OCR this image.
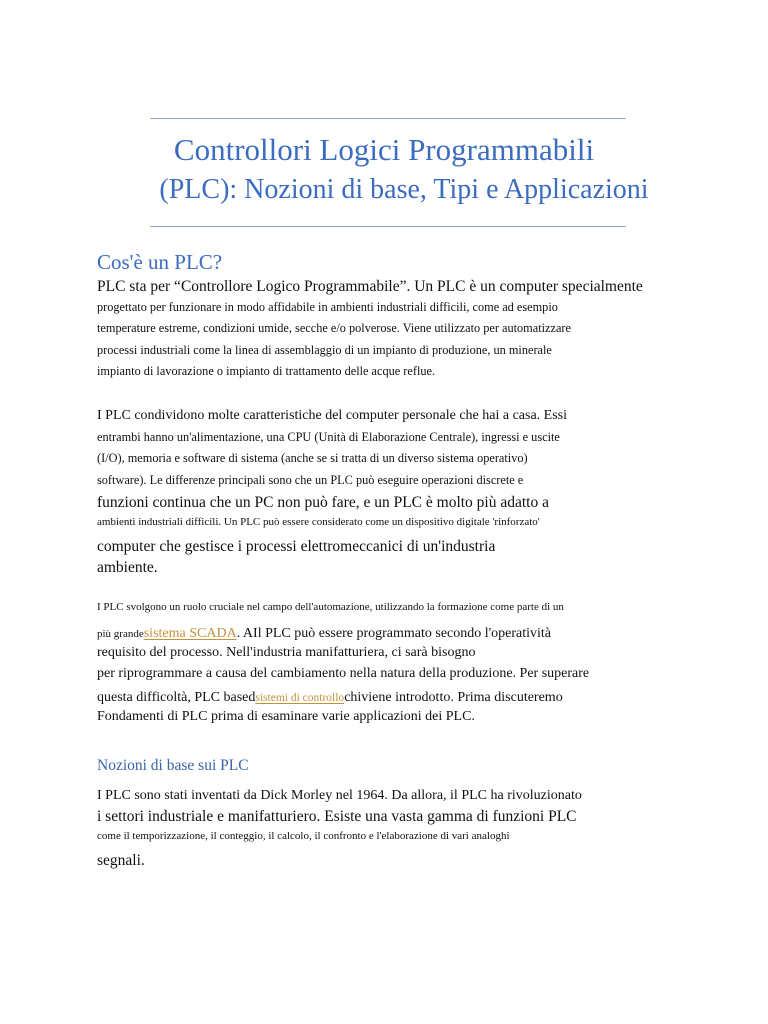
Controllori Logici Programmabili
(PLC): Nozioni di base, Tipi e Applicazioni
Cos'è un PLC?
PLC sta per “Controllore Logico Programmabile”. Un PLC è un computer specialmente
progettato per funzionare in modo affidabile in ambienti industriali difficili, come ad esempio
temperature estreme, condizioni umide, secche e/o polverose. Viene utilizzato per automatizzare
processi industriali come la linea di assemblaggio di un impianto di produzione, un minerale
impianto di lavorazione o impianto di trattamento delle acque reflue.
I PLC condividono molte caratteristiche del computer personale che hai a casa. Essi
entrambi hanno un'alimentazione, una CPU (Unità di Elaborazione Centrale), ingressi e uscite
(I/O), memoria e software di sistema (anche se si tratta di un diverso sistema operativo)
software). Le differenze principali sono che un PLC può eseguire operazioni discrete e
funzioni continua che un PC non può fare, e un PLC è molto più adatto a
ambienti industriali difficili. Un PLC può essere considerato come un dispositivo digitale 'rinforzato'
computer che gestisce i processi elettromeccanici di un'industria
ambiente.
I PLC svolgono un ruolo cruciale nel campo dell'automazione, utilizzando la formazione come parte di un
più grandesistema SCADA. AIl PLC può essere programmato secondo l'operatività
requisito del processo. Nell'industria manifatturiera, ci sarà bisogno
per riprogrammare a causa del cambiamento nella natura della produzione. Per superare
questa difficoltà, PLC basedsistemi di controllochiviene introdotto. Prima discuteremo
Fondamenti di PLC prima di esaminare varie applicazioni dei PLC.
Nozioni di base sui PLC
I PLC sono stati inventati da Dick Morley nel 1964. Da allora, il PLC ha rivoluzionato
i settori industriale e manifatturiero. Esiste una vasta gamma di funzioni PLC
come il temporizzazione, il conteggio, il calcolo, il confronto e l'elaborazione di vari analoghi
segnali.
